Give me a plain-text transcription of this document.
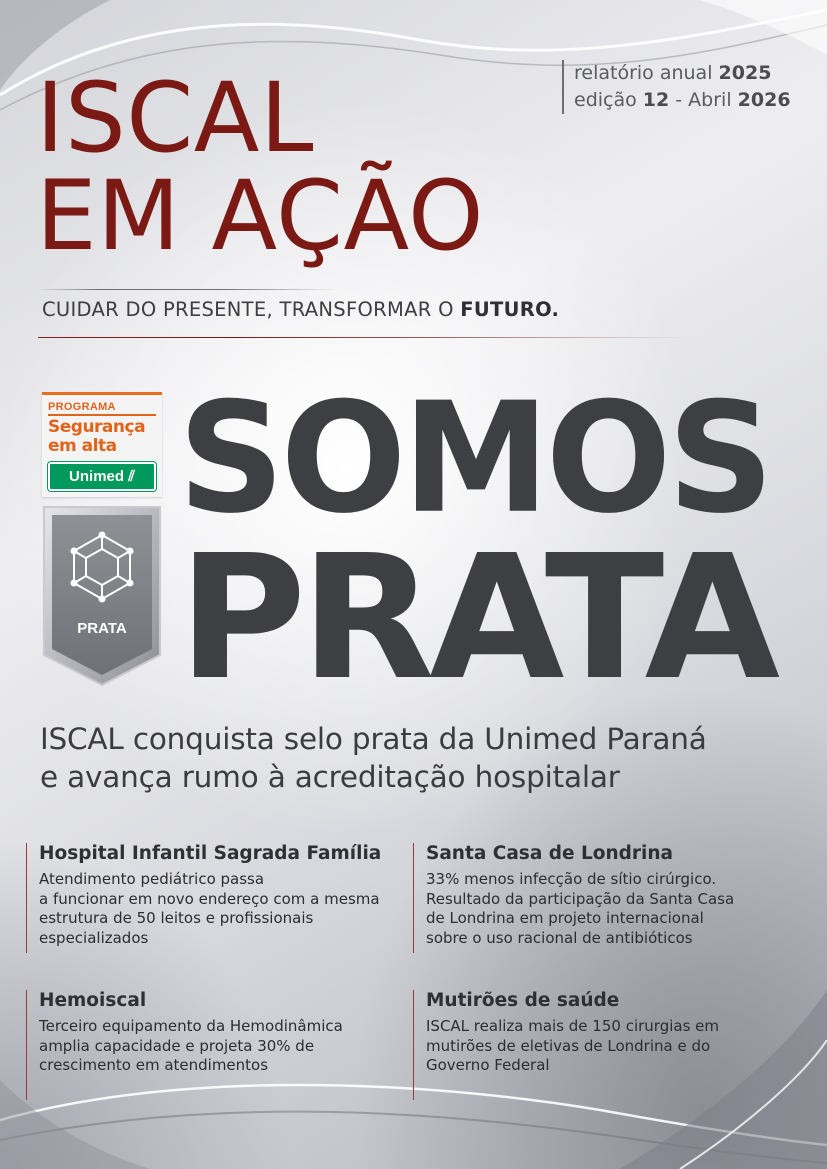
ISCAL
EM AÇÃO
relatório anual 2025
edição 12 - Abril 2026
CUIDAR DO PRESENTE, TRANSFORMAR O FUTURO.
PROGRAMA
Segurança
em alta
Unimed ⫽
PRATA
SOMOS
PRATA
ISCAL conquista selo prata da Unimed Paraná
e avança rumo à acreditação hospitalar
Hospital Infantil Sagrada Família

Atendimento pediátrico passa
a funcionar em novo endereço com a mesma
estrutura de 50 leitos e profissionais
especializados

Santa Casa de Londrina

33% menos infecção de sítio cirúrgico.
Resultado da participação da Santa Casa
de Londrina em projeto internacional
sobre o uso racional de antibióticos

Hemoiscal

Terceiro equipamento da Hemodinâmica
amplia capacidade e projeta 30% de
crescimento em atendimentos

Mutirões de saúde

ISCAL realiza mais de 150 cirurgias em
mutirões de eletivas de Londrina e do
Governo Federal
